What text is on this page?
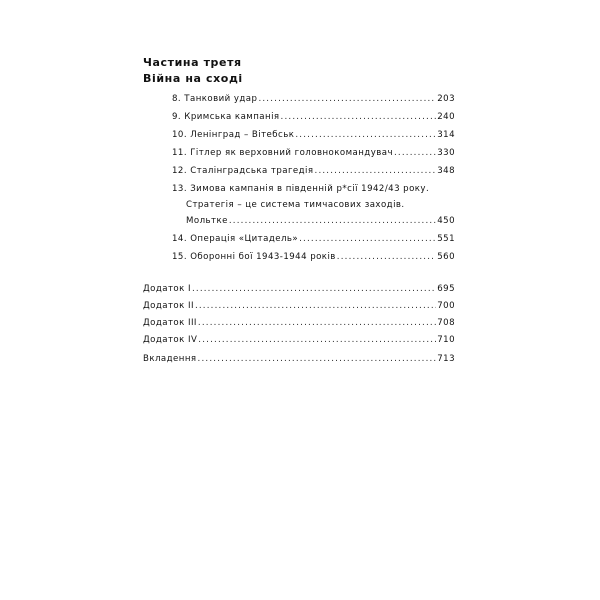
Частина третя
Війна на сході
8. Танковий удар .....	203
9. Кримська кампанія .....	240
10. Ленінград – Вітебськ .....	314
11. Гітлер як верховний головнокомандувач .....	330
12. Сталінградська трагедія .....	348
13. Зимова кампанія в південній р*сії 1942/43 року.
Стратегія – це система тимчасових заходів.
Мольтке .....	450
14. Операція «Цитадель» .....	551
15. Оборонні бої 1943-1944 років .....	560
Додаток І .....	695
Додаток ІІ .....	700
Додаток ІІІ .....	708
Додаток IV .....	710
Вкладення .....	713
